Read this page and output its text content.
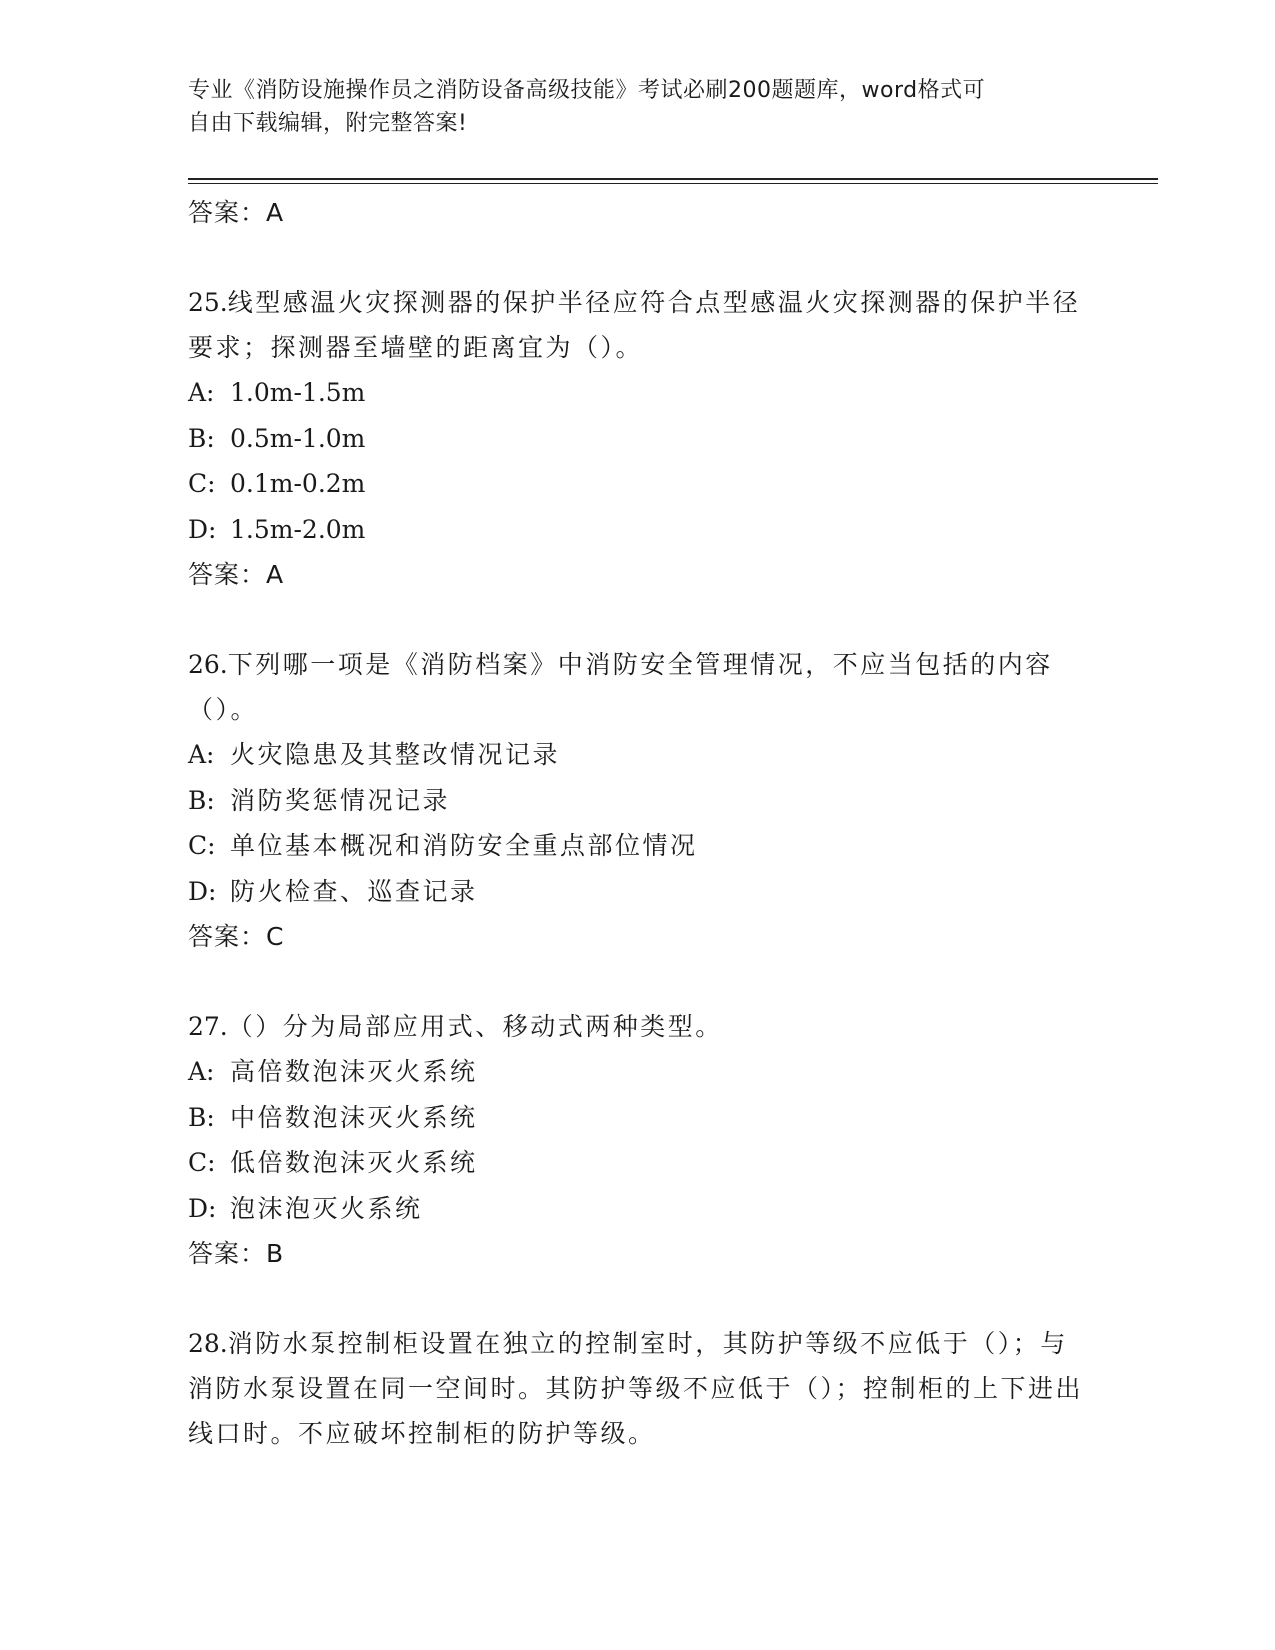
专业《消防设施操作员之消防设备高级技能》考试必刷200题题库，word格式可
自由下载编辑，附完整答案!
答案：A
25.线型感温火灾探测器的保护半径应符合点型感温火灾探测器的保护半径要求；探测器至墙壁的距离宜为（）。
A: 1.0m-1.5m
B: 0.5m-1.0m
C: 0.1m-0.2m
D: 1.5m-2.0m
答案：A
26.下列哪一项是《消防档案》中消防安全管理情况，不应当包括的内容（）。
A: 火灾隐患及其整改情况记录
B: 消防奖惩情况记录
C: 单位基本概况和消防安全重点部位情况
D: 防火检查、巡查记录
答案：C
27.（）分为局部应用式、移动式两种类型。
A: 高倍数泡沫灭火系统
B: 中倍数泡沫灭火系统
C: 低倍数泡沫灭火系统
D: 泡沫泡灭火系统
答案：B
28.消防水泵控制柜设置在独立的控制室时，其防护等级不应低于（）；与消防水泵设置在同一空间时。其防护等级不应低于（）；控制柜的上下进出线口时。不应破坏控制柜的防护等级。
